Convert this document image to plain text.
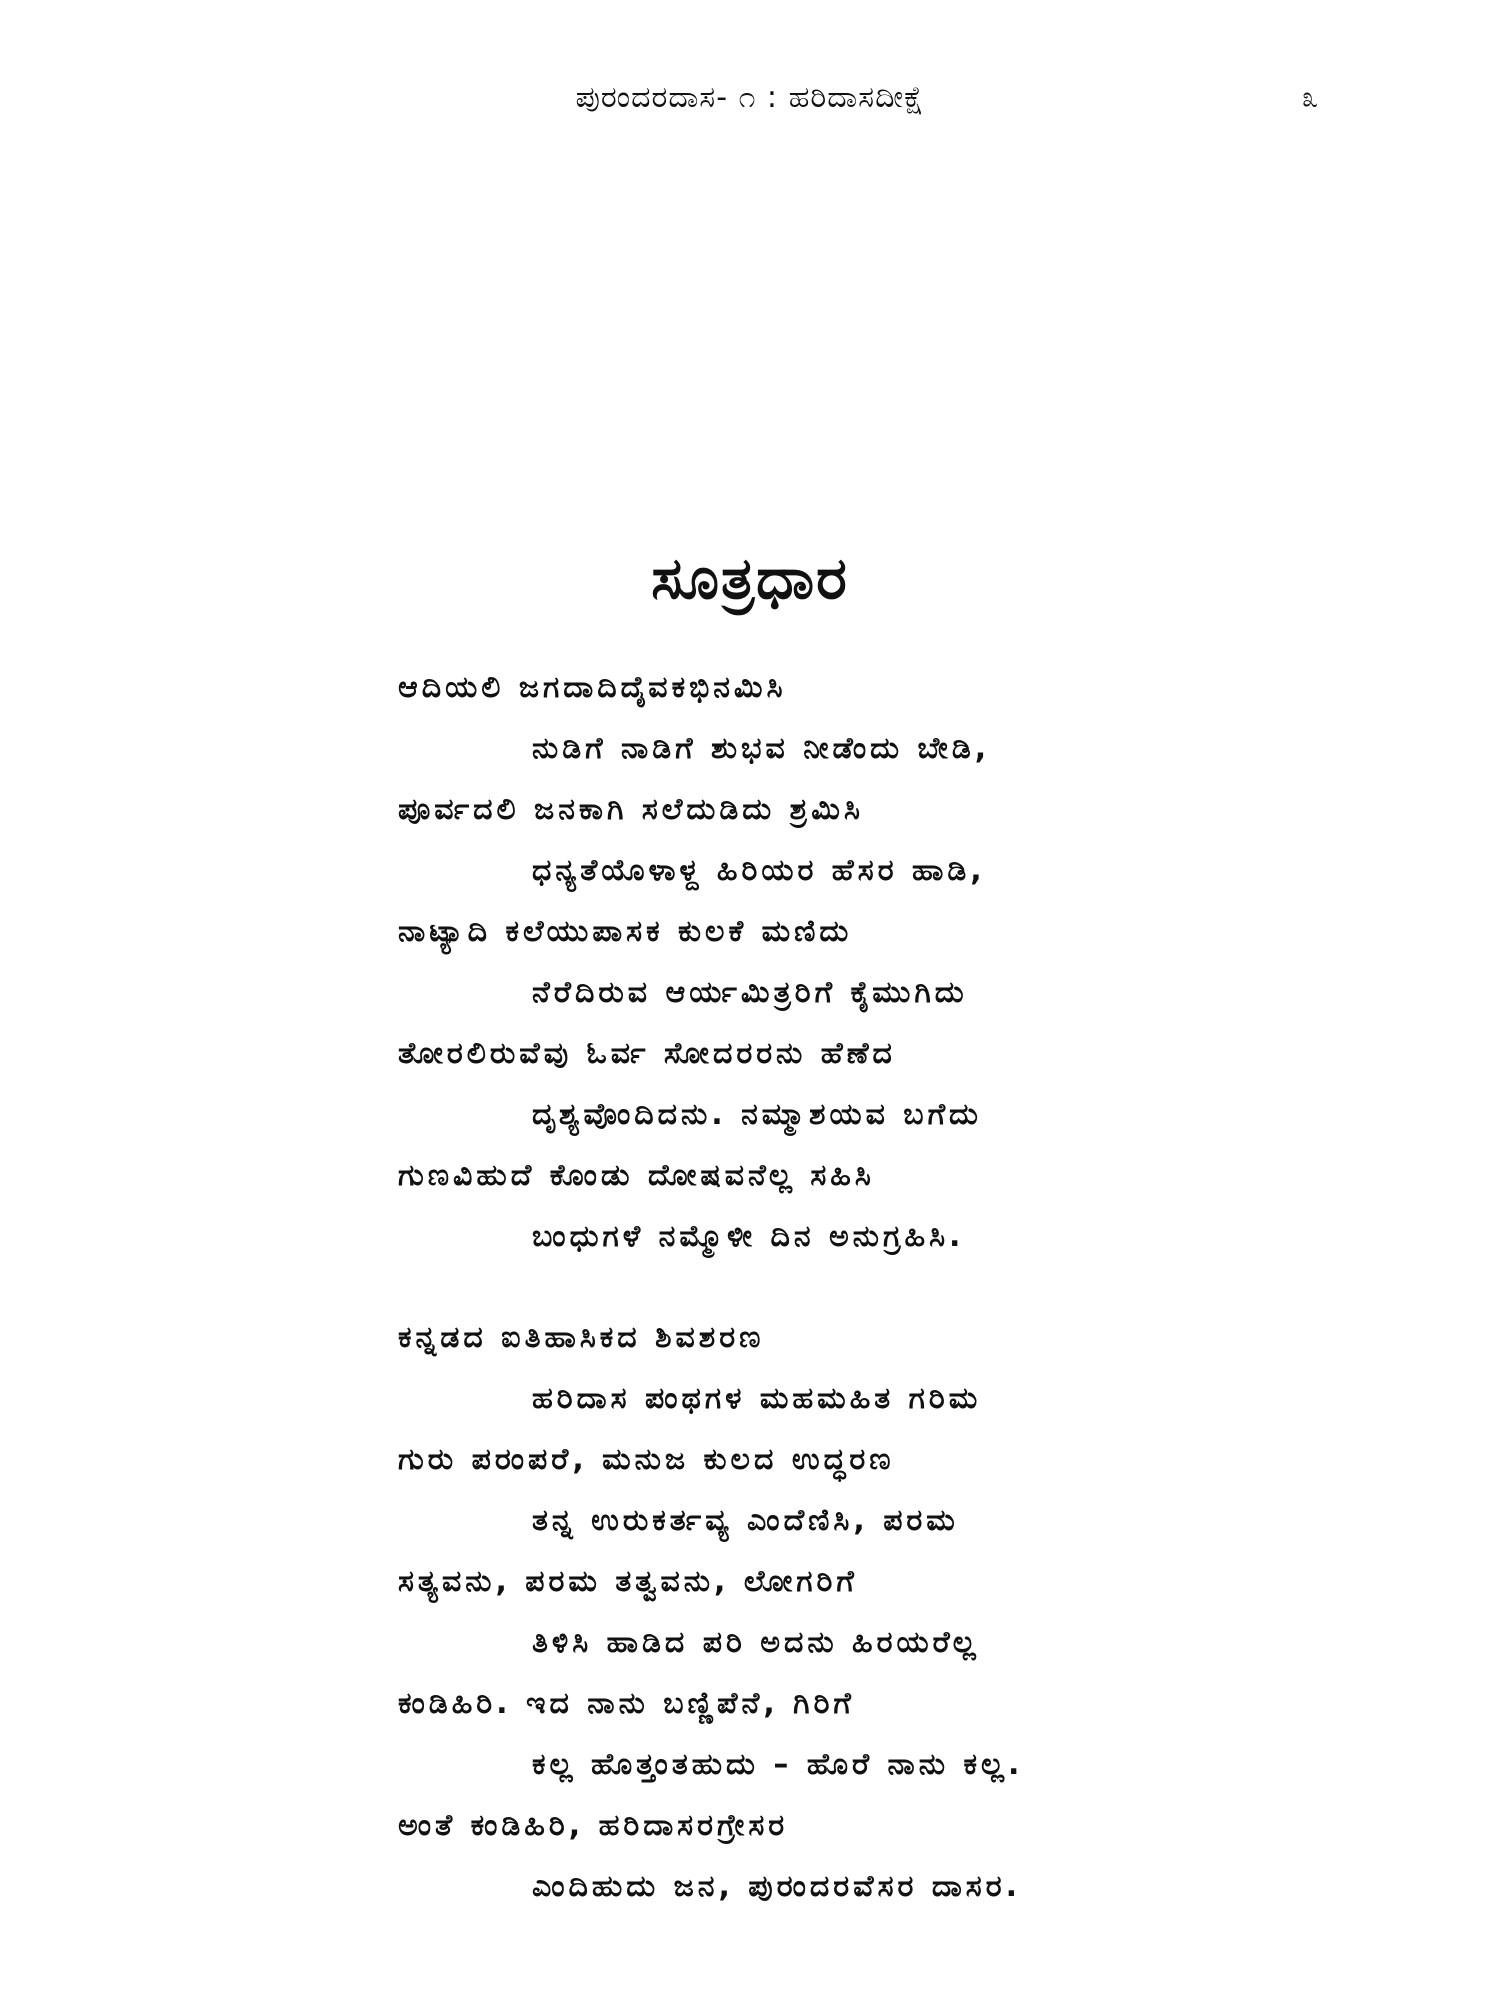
ಪುರಂದರದಾಸ- ೧ : ಹರಿದಾಸದೀಕ್ಷೆ	೩
ಸೂತ್ರಧಾರ
ಆದಿಯಲಿ ಜಗದಾದಿದೈವಕಭಿನಮಿಸಿ
ನುಡಿಗೆ ನಾಡಿಗೆ ಶುಭವ ನೀಡೆಂದು ಬೇಡಿ,
ಪೂರ್ವದಲಿ ಜನಕಾಗಿ ಸಲೆದುಡಿದು ಶ್ರಮಿಸಿ
ಧನ್ಯತೆಯೊಳಾಳ್ದ ಹಿರಿಯರ ಹೆಸರ ಹಾಡಿ,
ನಾಟ್ಯಾದಿ ಕಲೆಯುಪಾಸಕ ಕುಲಕೆ ಮಣಿದು
ನೆರೆದಿರುವ ಆರ್ಯಮಿತ್ರರಿಗೆ ಕೈಮುಗಿದು
ತೋರಲಿರುವೆವು ಓರ್ವ ಸೋದರರನು ಹೆಣೆದ
ದೃಶ್ಯವೊಂದಿದನು. ನಮ್ಮಾಶಯವ ಬಗೆದು
ಗುಣವಿಹುದೆ ಕೊಂಡು ದೋಷವನೆಲ್ಲ ಸಹಿಸಿ
ಬಂಧುಗಳೆ ನಮ್ಮೊಳೀ ದಿನ ಅನುಗ್ರಹಿಸಿ.
ಕನ್ನಡದ ಐತಿಹಾಸಿಕದ ಶಿವಶರಣ
ಹರಿದಾಸ ಪಂಥಗಳ ಮಹಮಹಿತ ಗರಿಮ
ಗುರು ಪರಂಪರೆ, ಮನುಜ ಕುಲದ ಉದ್ಧರಣ
ತನ್ನ ಉರುಕರ್ತವ್ಯ ಎಂದೆಣಿಸಿ, ಪರಮ
ಸತ್ಯವನು, ಪರಮ ತತ್ವವನು, ಲೋಗರಿಗೆ
ತಿಳಿಸಿ ಹಾಡಿದ ಪರಿ ಅದನು ಹಿರಯರೆಲ್ಲ
ಕಂಡಿಹಿರಿ. ಇದ ನಾನು ಬಣ್ಣಿಪೆನೆ, ಗಿರಿಗೆ
ಕಲ್ಲ ಹೊತ್ತಂತಹುದು – ಹೊರೆ ನಾನು ಕಲ್ಲ.
ಅಂತೆ ಕಂಡಿಹಿರಿ, ಹರಿದಾಸರಗ್ರೇಸರ
ಎಂದಿಹುದು ಜನ, ಪುರಂದರವೆಸರ ದಾಸರ.
